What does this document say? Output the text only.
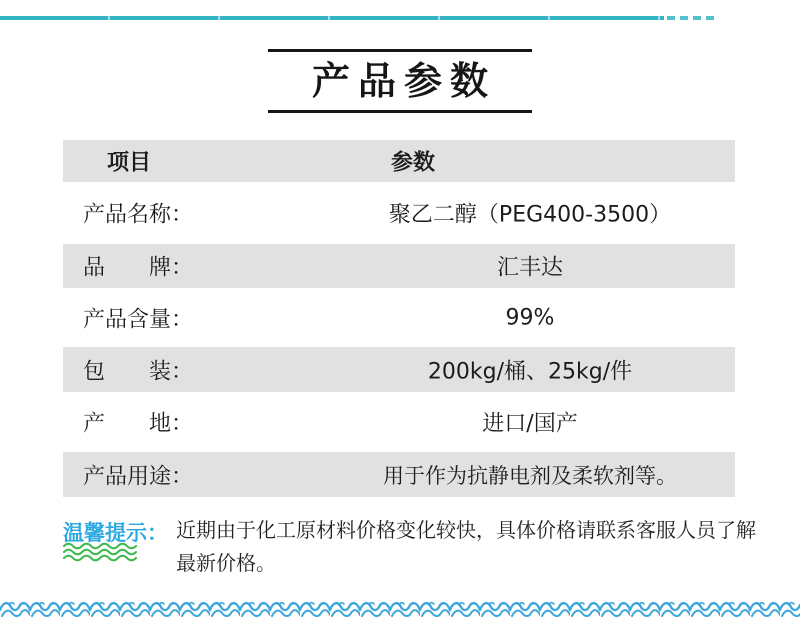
产品参数
项目	参数
产品名称：	聚乙二醇（PEG400-3500）
品　　牌：	汇丰达
产品含量：	99%
包　　装：	200kg/桶、25kg/件
产　　地：	进口/国产
产品用途：	用于作为抗静电剂及柔软剂等。
温馨提示： 近期由于化工原材料价格变化较快，具体价格请联系客服人员了解
最新价格。
